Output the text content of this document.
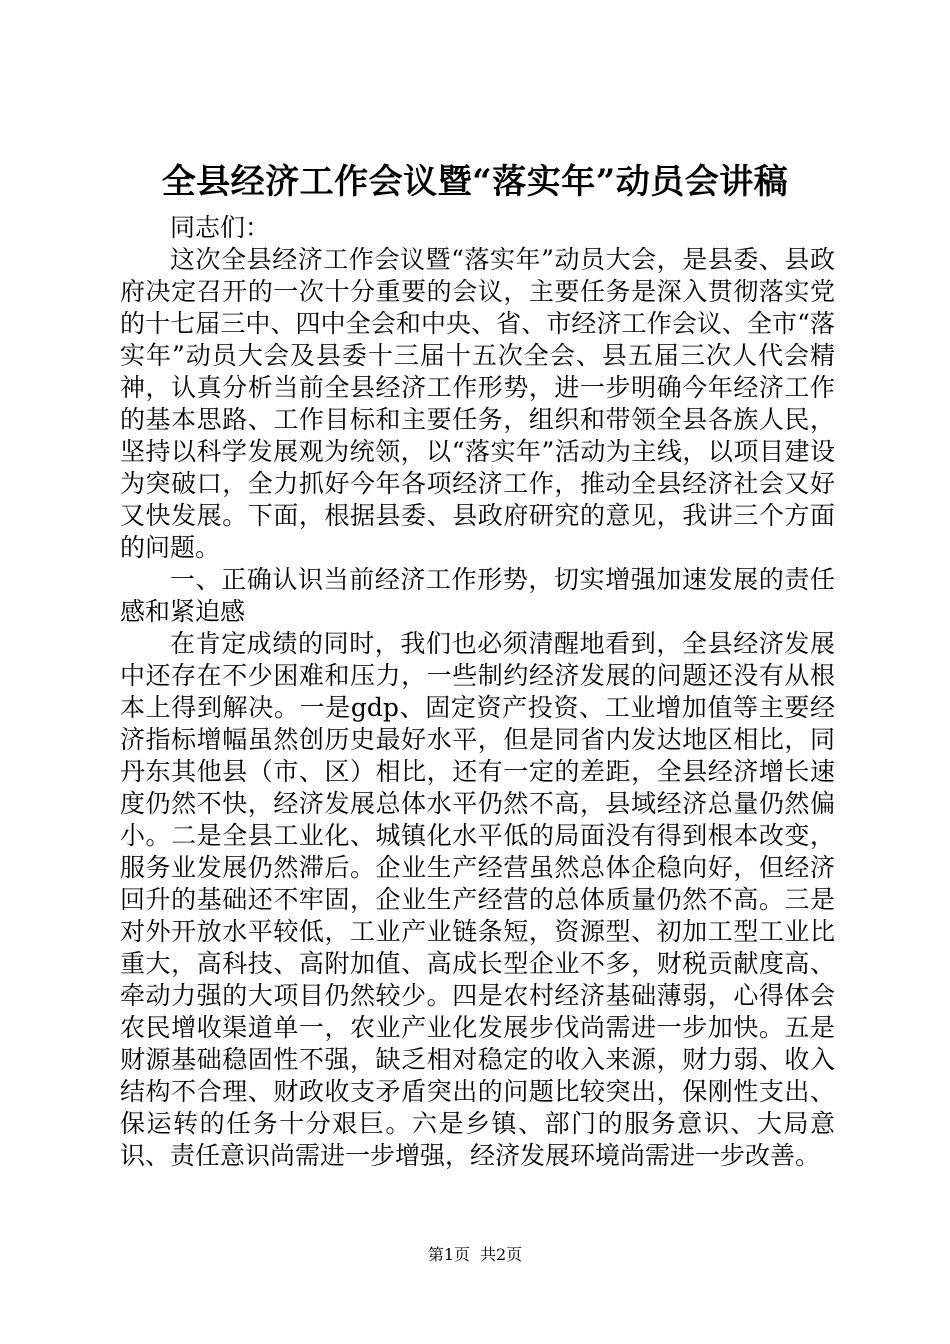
全县经济工作会议暨“落实年”动员会讲稿

同志们：

这次全县经济工作会议暨“落实年”动员大会，是县委、县政府决定召开的一次十分重要的会议，主要任务是深入贯彻落实党的十七届三中、四中全会和中央、省、市经济工作会议、全市“落实年”动员大会及县委十三届十五次全会、县五届三次人代会精神，认真分析当前全县经济工作形势，进一步明确今年经济工作的基本思路、工作目标和主要任务，组织和带领全县各族人民，坚持以科学发展观为统领，以“落实年”活动为主线，以项目建设为突破口，全力抓好今年各项经济工作，推动全县经济社会又好又快发展。下面，根据县委、县政府研究的意见，我讲三个方面的问题。

一、正确认识当前经济工作形势，切实增强加速发展的责任感和紧迫感

在肯定成绩的同时，我们也必须清醒地看到，全县经济发展中还存在不少困难和压力，一些制约经济发展的问题还没有从根本上得到解决。一是gdp、固定资产投资、工业增加值等主要经济指标增幅虽然创历史最好水平，但是同省内发达地区相比，同丹东其他县（市、区）相比，还有一定的差距，全县经济增长速度仍然不快，经济发展总体水平仍然不高，县域经济总量仍然偏小。二是全县工业化、城镇化水平低的局面没有得到根本改变，服务业发展仍然滞后。企业生产经营虽然总体企稳向好，但经济回升的基础还不牢固，企业生产经营的总体质量仍然不高。三是对外开放水平较低，工业产业链条短，资源型、初加工型工业比重大，高科技、高附加值、高成长型企业不多，财税贡献度高、牵动力强的大项目仍然较少。四是农村经济基础薄弱，心得体会农民增收渠道单一，农业产业化发展步伐尚需进一步加快。五是财源基础稳固性不强，缺乏相对稳定的收入来源，财力弱、收入结构不合理、财政收支矛盾突出的问题比较突出，保刚性支出、保运转的任务十分艰巨。六是乡镇、部门的服务意识、大局意识、责任意识尚需进一步增强，经济发展环境尚需进一步改善。

第1页 共2页
